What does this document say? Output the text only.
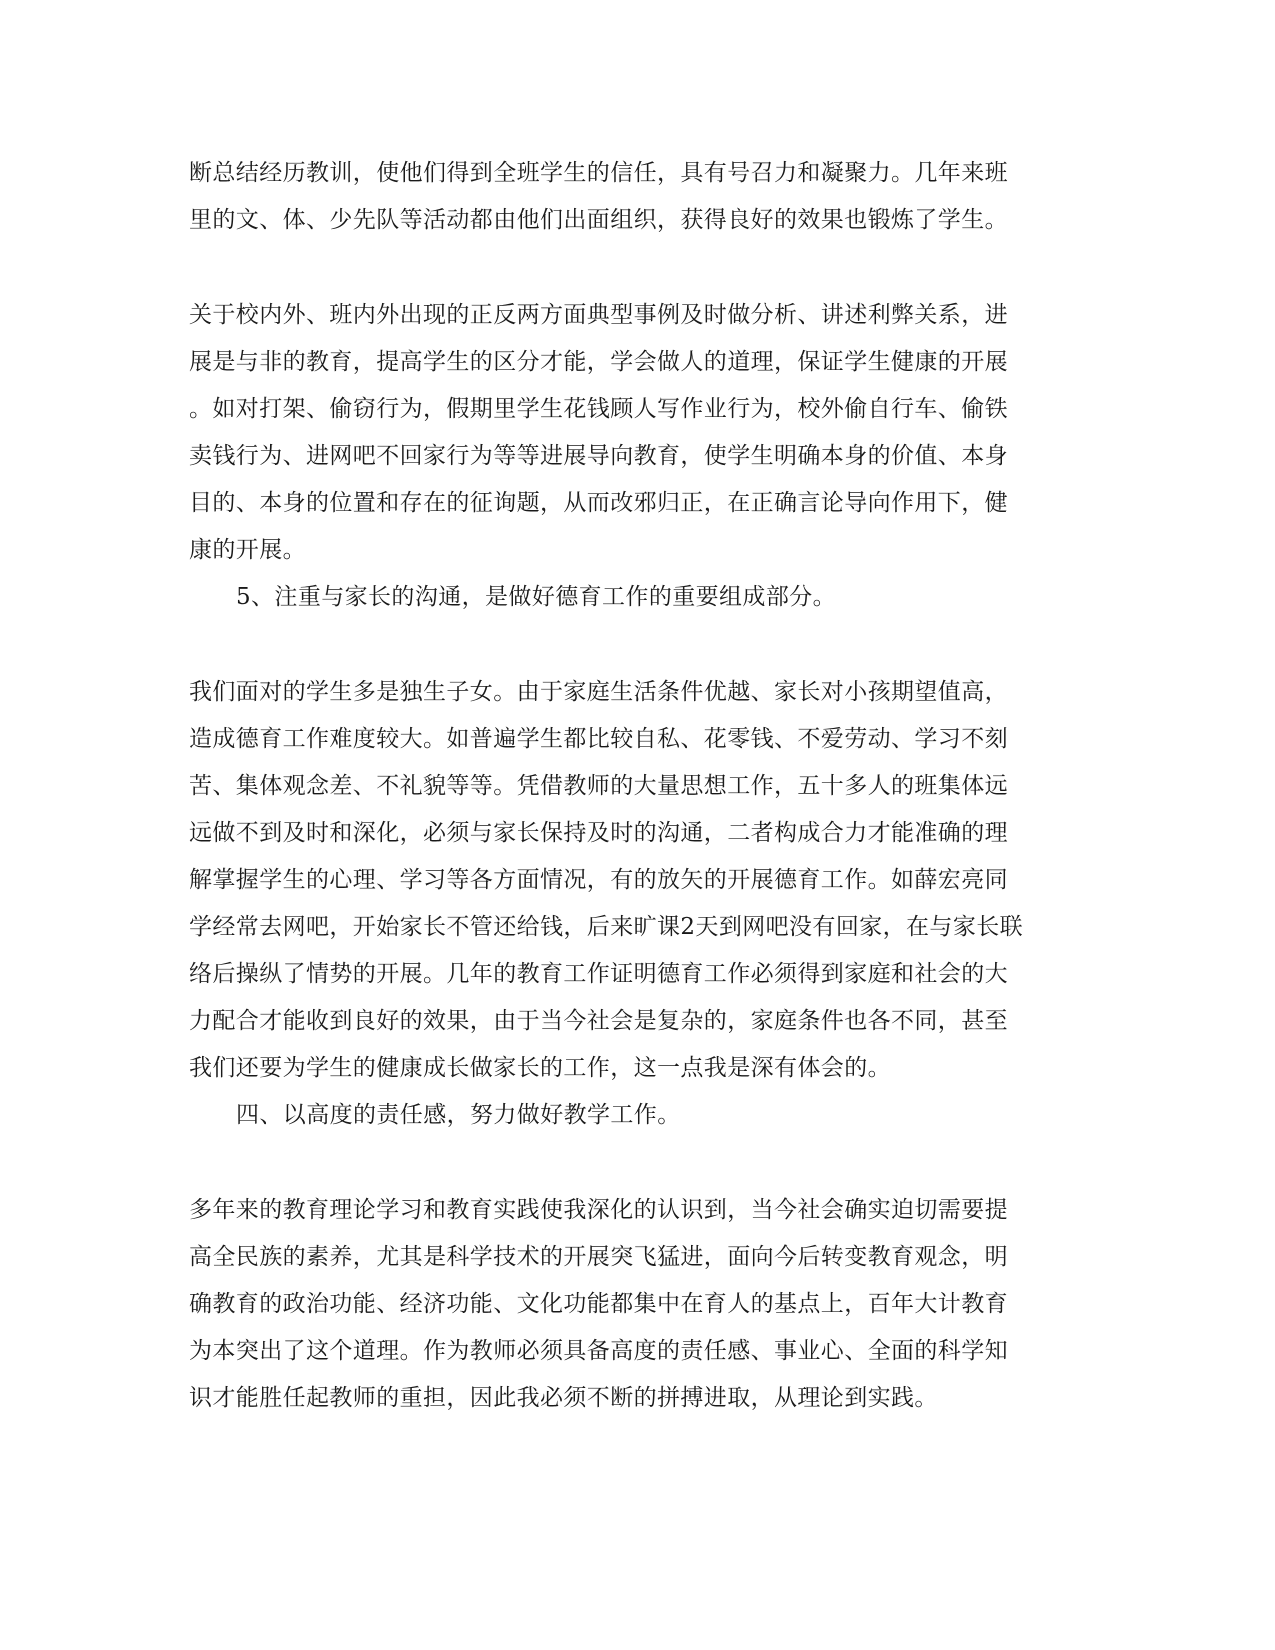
断总结经历教训，使他们得到全班学生的信任，具有号召力和凝聚力。几年来班
里的文、体、少先队等活动都由他们出面组织，获得良好的效果也锻炼了学生。
关于校内外、班内外出现的正反两方面典型事例及时做分析、讲述利弊关系，进
展是与非的教育，提高学生的区分才能，学会做人的道理，保证学生健康的开展
。如对打架、偷窃行为，假期里学生花钱顾人写作业行为，校外偷自行车、偷铁
卖钱行为、进网吧不回家行为等等进展导向教育，使学生明确本身的价值、本身
目的、本身的位置和存在的征询题，从而改邪归正，在正确言论导向作用下，健
康的开展。
5、注重与家长的沟通，是做好德育工作的重要组成部分。
我们面对的学生多是独生子女。由于家庭生活条件优越、家长对小孩期望值高，
造成德育工作难度较大。如普遍学生都比较自私、花零钱、不爱劳动、学习不刻
苦、集体观念差、不礼貌等等。凭借教师的大量思想工作，五十多人的班集体远
远做不到及时和深化，必须与家长保持及时的沟通，二者构成合力才能准确的理
解掌握学生的心理、学习等各方面情况，有的放矢的开展德育工作。如薛宏亮同
学经常去网吧，开始家长不管还给钱，后来旷课2天到网吧没有回家，在与家长联
络后操纵了情势的开展。几年的教育工作证明德育工作必须得到家庭和社会的大
力配合才能收到良好的效果，由于当今社会是复杂的，家庭条件也各不同，甚至
我们还要为学生的健康成长做家长的工作，这一点我是深有体会的。
四、以高度的责任感，努力做好教学工作。
多年来的教育理论学习和教育实践使我深化的认识到，当今社会确实迫切需要提
高全民族的素养，尤其是科学技术的开展突飞猛进，面向今后转变教育观念，明
确教育的政治功能、经济功能、文化功能都集中在育人的基点上，百年大计教育
为本突出了这个道理。作为教师必须具备高度的责任感、事业心、全面的科学知
识才能胜任起教师的重担，因此我必须不断的拼搏进取，从理论到实践。
